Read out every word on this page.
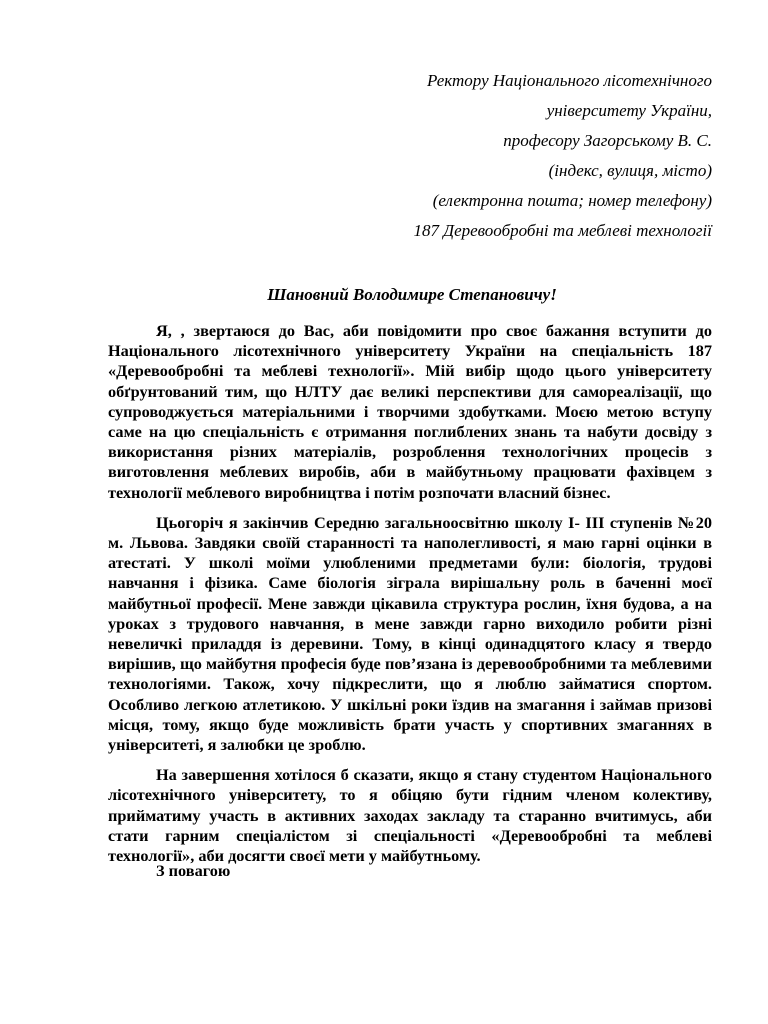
Ректору Національного лісотехнічного
університету України,
професору Загорському В. С.
(індекс, вулиця, місто)
(електронна пошта; номер телефону)
187 Деревообробні та меблеві технології
Шановний Володимире Степановичу!

Я, , звертаюся до Вас, аби повідомити про своє бажання вступити до Національного лісотехнічного університету України на спеціальність 187 «Деревообробні та меблеві технології». Мій вибір щодо цього університету обґрунтований тим, що НЛТУ дає великі перспективи для самореалізації, що супроводжується матеріальними і творчими здобутками. Моєю метою вступу саме на цю спеціальність є отримання поглиблених знань та набути досвіду з використання різних матеріалів, розроблення технологічних процесів з виготовлення меблевих виробів, аби в майбутньому працювати фахівцем з технології меблевого виробництва і потім розпочати власний бізнес.

Цьогоріч я закінчив Середню загальноосвітню школу І- ІІІ ступенів №20 м. Львова. Завдяки своїй старанності та наполегливості, я маю гарні оцінки в атестаті. У школі моїми улюбленими предметами були: біологія, трудові навчання і фізика. Саме біологія зіграла вирішальну роль в баченні моєї майбутньої професії. Мене завжди цікавила структура рослин, їхня будова, а на уроках з трудового навчання, в мене завжди гарно виходило робити різні невеличкі приладдя із деревини. Тому, в кінці одинадцятого класу я твердо вирішив, що майбутня професія буде пов’язана із деревообробними та меблевими технологіями. Також, хочу підкреслити, що я люблю займатися спортом. Особливо легкою атлетикою. У шкільні роки їздив на змагання і займав призові місця, тому, якщо буде можливість брати участь у спортивних змаганнях в університеті, я залюбки це зроблю.

На завершення хотілося б сказати, якщо я стану студентом Національного лісотехнічного університету, то я обіцяю бути гідним членом колективу, прийматиму участь в активних заходах закладу та старанно вчитимусь, аби стати гарним спеціалістом зі спеціальності «Деревообробні та меблеві технології», аби досягти своєї мети у майбутньому.

З повагою
